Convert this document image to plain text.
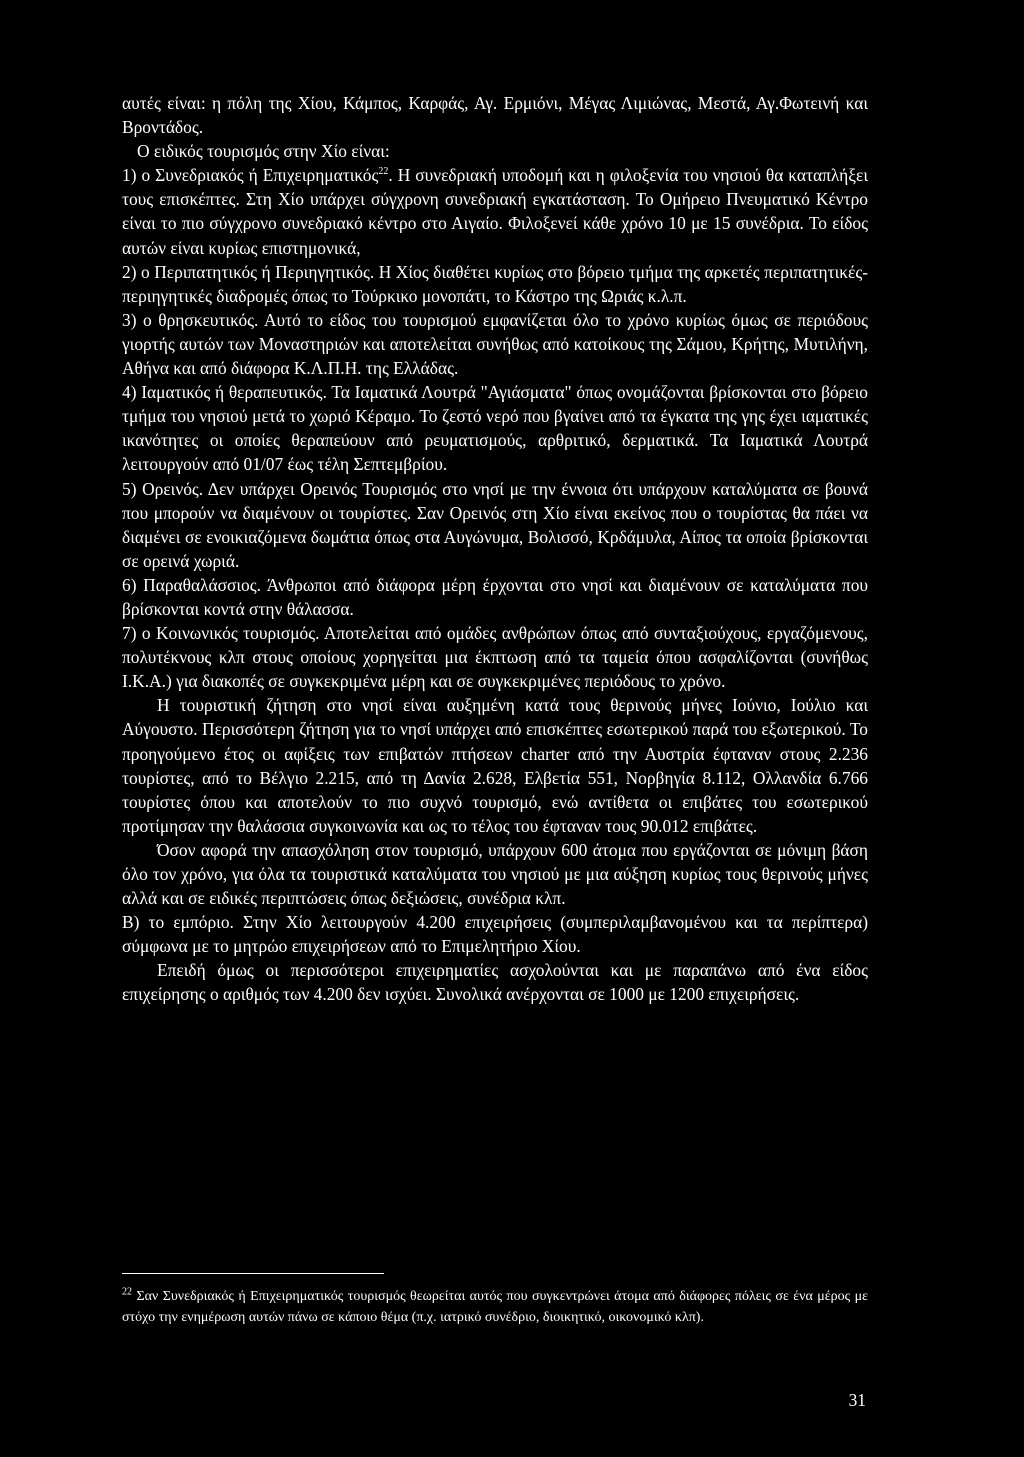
αυτές είναι: η πόλη της Χίου, Κάμπος, Καρφάς, Αγ. Ερμιόνι, Μέγας Λιμιώνας, Μεστά, Αγ.Φωτεινή και Βροντάδος.

Ο ειδικός τουρισμός στην Χίο είναι:

1) ο Συνεδριακός ή Επιχειρηματικός$^{22}$. Η συνεδριακή υποδομή και η φιλοξενία του νησιού θα καταπλήξει τους επισκέπτες. Στη Χίο υπάρχει σύγχρονη συνεδριακή εγκατάσταση. Το Ομήρειο Πνευματικό Κέντρο είναι το πιο σύγχρονο συνεδριακό κέντρο στο Αιγαίο. Φιλοξενεί κάθε χρόνο 10 με 15 συνέδρια. Το είδος αυτών είναι κυρίως επιστημονικά,

2) ο Περιπατητικός ή Περιηγητικός. Η Χίος διαθέτει κυρίως στο βόρειο τμήμα της αρκετές περιπατητικές-περιηγητικές διαδρομές όπως το Τούρκικο μονοπάτι, το Κάστρο της Ωριάς κ.λ.π.

3) ο θρησκευτικός. Αυτό το είδος του τουρισμού εμφανίζεται όλο το χρόνο κυρίως όμως σε περιόδους γιορτής αυτών των Μοναστηριών και αποτελείται συνήθως από κατοίκους της Σάμου, Κρήτης, Μυτιλήνη, Αθήνα και από διάφορα Κ.Λ.Π.Η. της Ελλάδας.

4) Ιαματικός ή θεραπευτικός. Τα Ιαματικά Λουτρά "Αγιάσματα" όπως ονομάζονται βρίσκονται στο βόρειο τμήμα του νησιού μετά το χωριό Κέραμο. Το ζεστό νερό που βγαίνει από τα έγκατα της γης έχει ιαματικές ικανότητες οι οποίες θεραπεύουν από ρευματισμούς, αρθριτικό, δερματικά. Τα Ιαματικά Λουτρά λειτουργούν από 01/07 έως τέλη Σεπτεμβρίου.

5) Ορεινός. Δεν υπάρχει Ορεινός Τουρισμός στο νησί με την έννοια ότι υπάρχουν καταλύματα σε βουνά που μπορούν να διαμένουν οι τουρίστες. Σαν Ορεινός στη Χίο είναι εκείνος που ο τουρίστας θα πάει να διαμένει σε ενοικιαζόμενα δωμάτια όπως στα Αυγώνυμα, Βολισσό, Κρδάμυλα, Αίπος τα οποία βρίσκονται σε ορεινά χωριά.

6) Παραθαλάσσιος. Άνθρωποι από διάφορα μέρη έρχονται στο νησί και διαμένουν σε καταλύματα που βρίσκονται κοντά στην θάλασσα.

7) ο Κοινωνικός τουρισμός. Αποτελείται από ομάδες ανθρώπων όπως από συνταξιούχους, εργαζόμενους, πολυτέκνους κλπ στους οποίους χορηγείται μια έκπτωση από τα ταμεία όπου ασφαλίζονται (συνήθως Ι.Κ.Α.) για διακοπές σε συγκεκριμένα μέρη και σε συγκεκριμένες περιόδους το χρόνο.

Η τουριστική ζήτηση στο νησί είναι αυξημένη κατά τους θερινούς μήνες Ιούνιο, Ιούλιο και Αύγουστο. Περισσότερη ζήτηση για το νησί υπάρχει από επισκέπτες εσωτερικού παρά του εξωτερικού. Το προηγούμενο έτος οι αφίξεις των επιβατών πτήσεων charter από την Αυστρία έφταναν στους 2.236 τουρίστες, από το Βέλγιο 2.215, από τη Δανία 2.628, Ελβετία 551, Νορβηγία 8.112, Ολλανδία 6.766 τουρίστες όπου και αποτελούν το πιο συχνό τουρισμό, ενώ αντίθετα οι επιβάτες του εσωτερικού προτίμησαν την θαλάσσια συγκοινωνία και ως το τέλος του έφταναν τους 90.012 επιβάτες.

Όσον αφορά την απασχόληση στον τουρισμό, υπάρχουν 600 άτομα που εργάζονται σε μόνιμη βάση όλο τον χρόνο, για όλα τα τουριστικά καταλύματα του νησιού με μια αύξηση κυρίως τους θερινούς μήνες αλλά και σε ειδικές περιπτώσεις όπως δεξιώσεις, συνέδρια κλπ.

Β) το εμπόριο. Στην Χίο λειτουργούν 4.200 επιχειρήσεις (συμπεριλαμβανομένου και τα περίπτερα) σύμφωνα με το μητρώο επιχειρήσεων από το Επιμελητήριο Χίου.

Επειδή όμως οι περισσότεροι επιχειρηματίες ασχολούνται και με παραπάνω από ένα είδος επιχείρησης ο αριθμός των 4.200 δεν ισχύει. Συνολικά ανέρχονται σε 1000 με 1200 επιχειρήσεις.

$^{22}$ Σαν Συνεδριακός ή Επιχειρηματικός τουρισμός θεωρείται αυτός που συγκεντρώνει άτομα από διάφορες πόλεις σε ένα μέρος με στόχο την ενημέρωση αυτών πάνω σε κάποιο θέμα (π.χ. ιατρικό συνέδριο, διοικητικό, οικονομικό κλπ).
31
